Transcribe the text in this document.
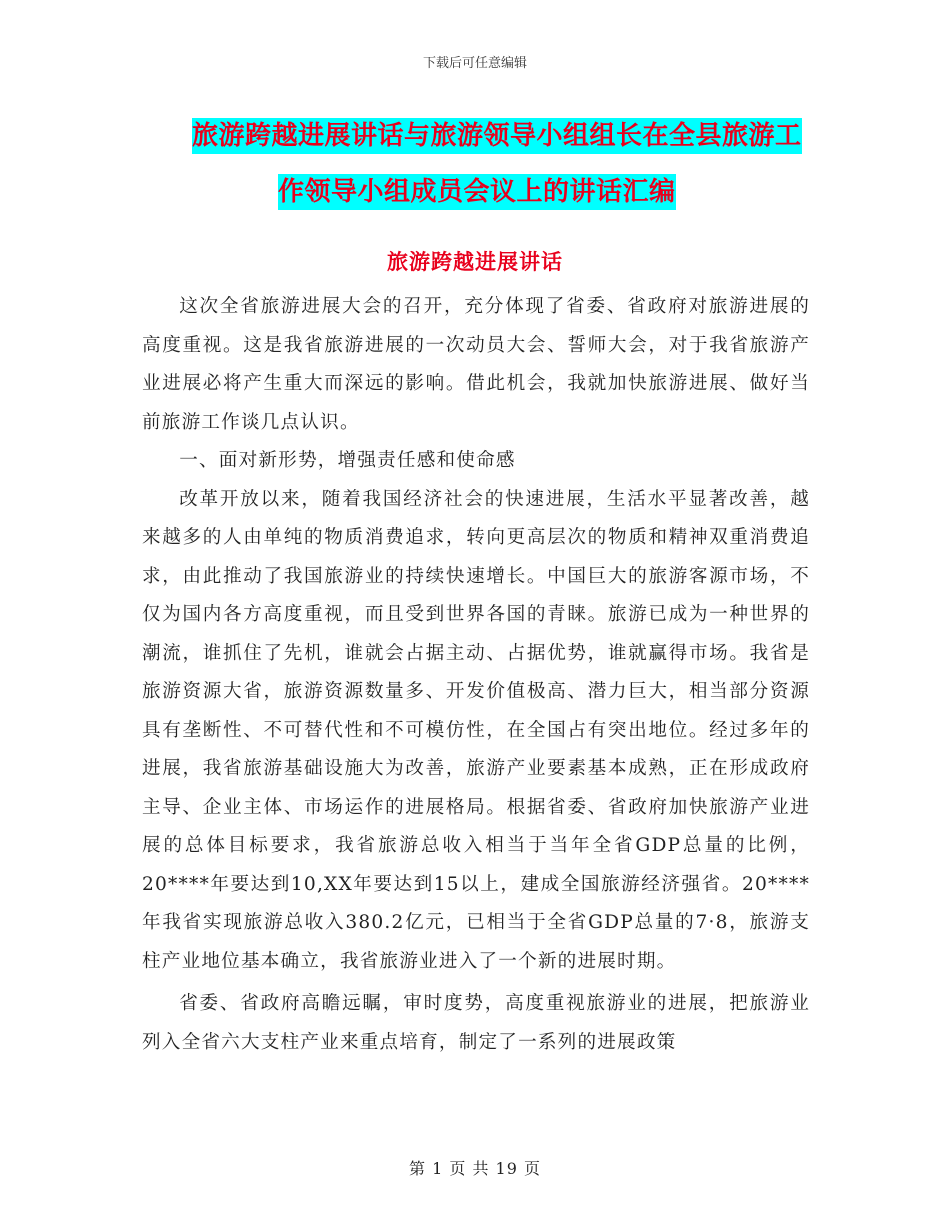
下载后可任意编辑
旅游跨越进展讲话与旅游领导小组组长在全县旅游工
作领导小组成员会议上的讲话汇编
旅游跨越进展讲话

这次全省旅游进展大会的召开，充分体现了省委、省政府对旅游进展的高度重视。这是我省旅游进展的一次动员大会、誓师大会，对于我省旅游产业进展必将产生重大而深远的影响。借此机会，我就加快旅游进展、做好当前旅游工作谈几点认识。

一、面对新形势，增强责任感和使命感

改革开放以来，随着我国经济社会的快速进展，生活水平显著改善，越来越多的人由单纯的物质消费追求，转向更高层次的物质和精神双重消费追求，由此推动了我国旅游业的持续快速增长。中国巨大的旅游客源市场，不仅为国内各方高度重视，而且受到世界各国的青睐。旅游已成为一种世界的潮流，谁抓住了先机，谁就会占据主动、占据优势，谁就赢得市场。我省是旅游资源大省，旅游资源数量多、开发价值极高、潜力巨大，相当部分资源具有垄断性、不可替代性和不可模仿性，在全国占有突出地位。经过多年的进展，我省旅游基础设施大为改善，旅游产业要素基本成熟，正在形成政府主导、企业主体、市场运作的进展格局。根据省委、省政府加快旅游产业进展的总体目标要求，我省旅游总收入相当于当年全省GDP总量的比例，20****年要达到10,XX年要达到15以上，建成全国旅游经济强省。20****年我省实现旅游总收入380.2亿元，已相当于全省GDP总量的7·8，旅游支柱产业地位基本确立，我省旅游业进入了一个新的进展时期。

省委、省政府高瞻远瞩，审时度势，高度重视旅游业的进展，把旅游业列入全省六大支柱产业来重点培育，制定了一系列的进展政策

第 1 页 共 19 页
